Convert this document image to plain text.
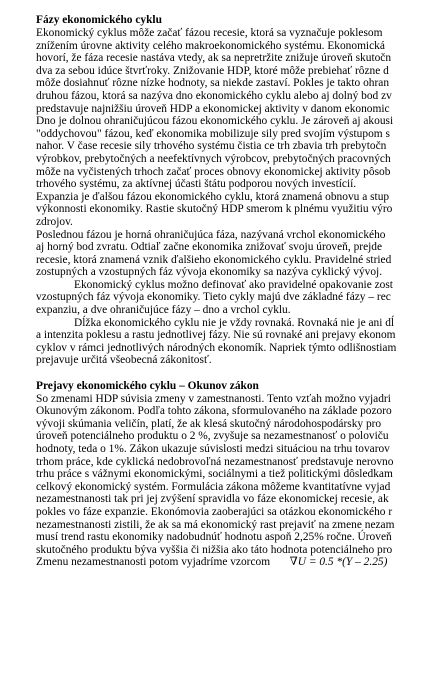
Fázy ekonomického cyklu
Ekonomický cyklus môže začať fázou recesie, ktorá sa vyznačuje poklesom
znížením úrovne aktivity celého makroekonomického systému. Ekonomická
hovorí, že fáza recesie nastáva vtedy, ak sa nepretržite znižuje úroveň skutočn
dva za sebou idúce štvrťroky. Znižovanie HDP, ktoré môže prebiehať rôzne d
môže dosiahnuť rôzne nízke hodnoty, sa niekde zastaví. Pokles je takto ohran
druhou fázou, ktorá sa nazýva dno ekonomického cyklu alebo aj dolný bod zv
predstavuje najnižšiu úroveň HDP a ekonomickej aktivity v danom ekonomic
Dno je dolnou ohraničujúcou fázou ekonomického cyklu. Je zároveň aj akousi
"oddychovou" fázou, keď ekonomika mobilizuje sily pred svojím výstupom s
nahor. V čase recesie sily trhového systému čistia ce trh zbavia trh prebytočn
výrobkov, prebytočných a neefektívnych výrobcov, prebytočných pracovných
môže na vyčistených trhoch začať proces obnovy ekonomickej aktivity pôsob
trhového systému, za aktívnej účasti štátu podporou nových investícií.
Expanzia je ďalšou fázou ekonomického cyklu, ktorá znamená obnovu a stup
výkonnosti ekonomiky. Rastie skutočný HDP smerom k plnému využitiu výro
zdrojov.
Poslednou fázou je horná ohraničujúca fáza, nazývaná vrchol ekonomického
aj horný bod zvratu. Odtiaľ začne ekonomika znižovať svoju úroveň, prejde
recesie, ktorá znamená vznik ďalšieho ekonomického cyklu. Pravidelné stried
zostupných a vzostupných fáz vývoja ekonomiky sa nazýva cyklický vývoj.
Ekonomický cyklus možno definovať ako pravidelné opakovanie zost
vzostupných fáz vývoja ekonomiky. Tieto cykly majú dve základné fázy – rec
expanziu, a dve ohraničujúce fázy – dno a vrchol cyklu.
Dĺžka ekonomického cyklu nie je vždy rovnaká. Rovnaká nie je ani dĺ
a intenzita poklesu a rastu jednotlivej fázy. Nie sú rovnaké ani prejavy ekonom
cyklov v rámci jednotlivých národných ekonomík. Napriek týmto odlišnostiam
prejavuje určitá všeobecná zákonitosť.
Prejavy ekonomického cyklu – Okunov zákon
So zmenami HDP súvisia zmeny v zamestnanosti. Tento vzťah možno vyjadri
Okunovým zákonom. Podľa tohto zákona, sformulovaného na základe pozoro
vývoji skúmania veličín, platí, že ak klesá skutočný národohospodársky pro
úroveň potenciálneho produktu o 2 %, zvyšuje sa nezamestnanosť o poloviču
hodnoty, teda o 1%. Zákon ukazuje súvislosti medzi situáciou na trhu tovarov
trhom práce, kde cyklická nedobrovoľná nezamestnanosť predstavuje nerovno
trhu práce s vážnymi ekonomickými, sociálnymi a tiež politickými dôsledkam
celkový ekonomický systém. Formulácia zákona môžeme kvantitatívne vyjad
nezamestnanosti tak pri jej zvýšení spravidla vo fáze ekonomickej recesie, ak
pokles vo fáze expanzie. Ekonómovia zaoberajúci sa otázkou ekonomického r
nezamestnanosti zistili, že ak sa má ekonomický rast prejaviť na zmene nezam
musí trend rastu ekonomiky nadobudnúť hodnotu aspoň 2,25% ročne. Úroveň
skutočného produktu býva vyššia či nižšia ako táto hodnota potenciálneho pro
Zmenu nezamestnanosti potom vyjadríme vzorcom ∇U = 0.5 *(Y – 2.25)
